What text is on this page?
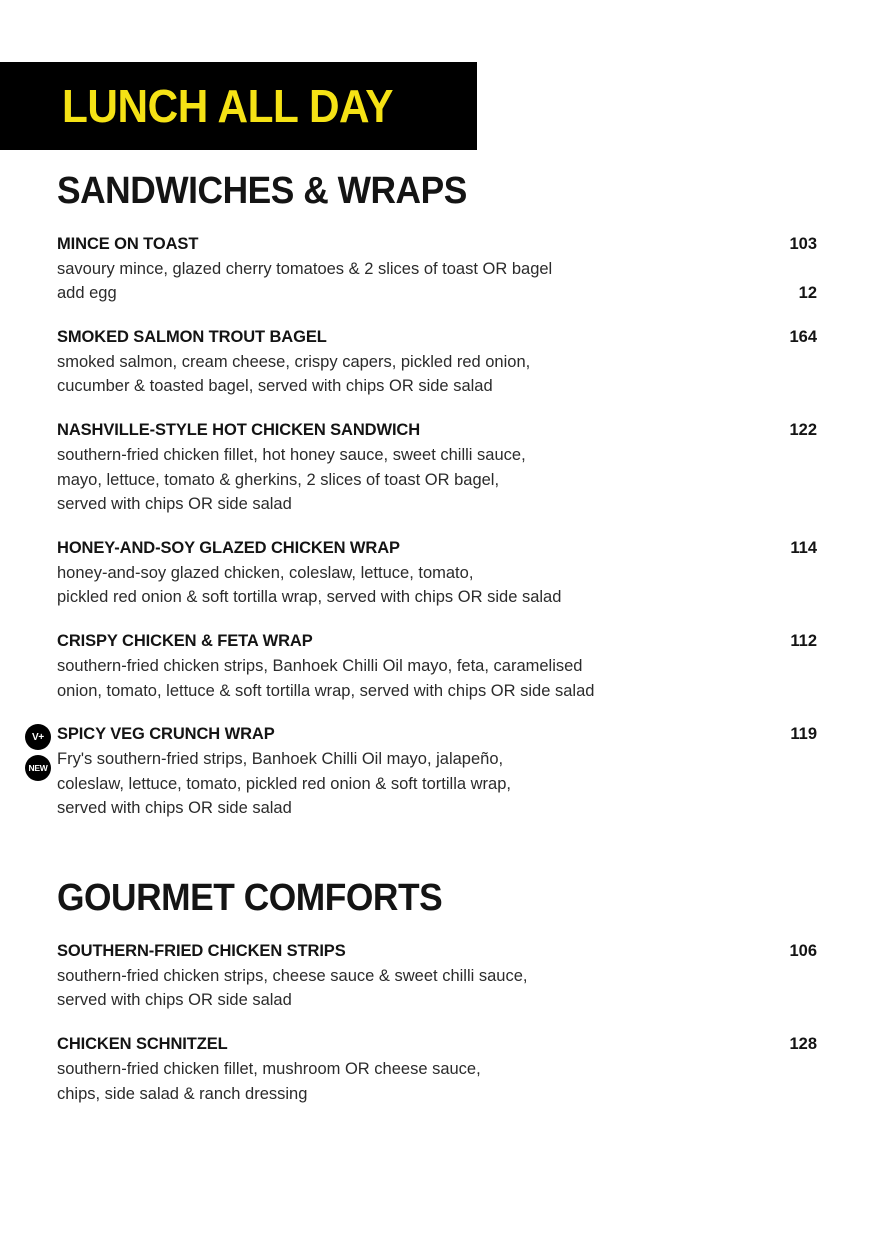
LUNCH ALL DAY
SANDWICHES & WRAPS
MINCE ON TOAST	103
savoury mince, glazed cherry tomatoes & 2 slices of toast OR bagel
add egg	12
SMOKED SALMON TROUT BAGEL	164
smoked salmon, cream cheese, crispy capers, pickled red onion,
cucumber & toasted bagel, served with chips OR side salad
NASHVILLE-STYLE HOT CHICKEN SANDWICH	122
southern-fried chicken fillet, hot honey sauce, sweet chilli sauce,
mayo, lettuce, tomato & gherkins, 2 slices of toast OR bagel,
served with chips OR side salad
HONEY-AND-SOY GLAZED CHICKEN WRAP	114
honey-and-soy glazed chicken, coleslaw, lettuce, tomato,
pickled red onion & soft tortilla wrap, served with chips OR side salad
CRISPY CHICKEN & FETA WRAP	112
southern-fried chicken strips, Banhoek Chilli Oil mayo, feta, caramelised
onion, tomato, lettuce & soft tortilla wrap, served with chips OR side salad
V+
NEW
SPICY VEG CRUNCH WRAP	119
Fry's southern-fried strips, Banhoek Chilli Oil mayo, jalapeño,
coleslaw, lettuce, tomato, pickled red onion & soft tortilla wrap,
served with chips OR side salad
GOURMET COMFORTS
SOUTHERN-FRIED CHICKEN STRIPS	106
southern-fried chicken strips, cheese sauce & sweet chilli sauce,
served with chips OR side salad
CHICKEN SCHNITZEL	128
southern-fried chicken fillet, mushroom OR cheese sauce,
chips, side salad & ranch dressing
